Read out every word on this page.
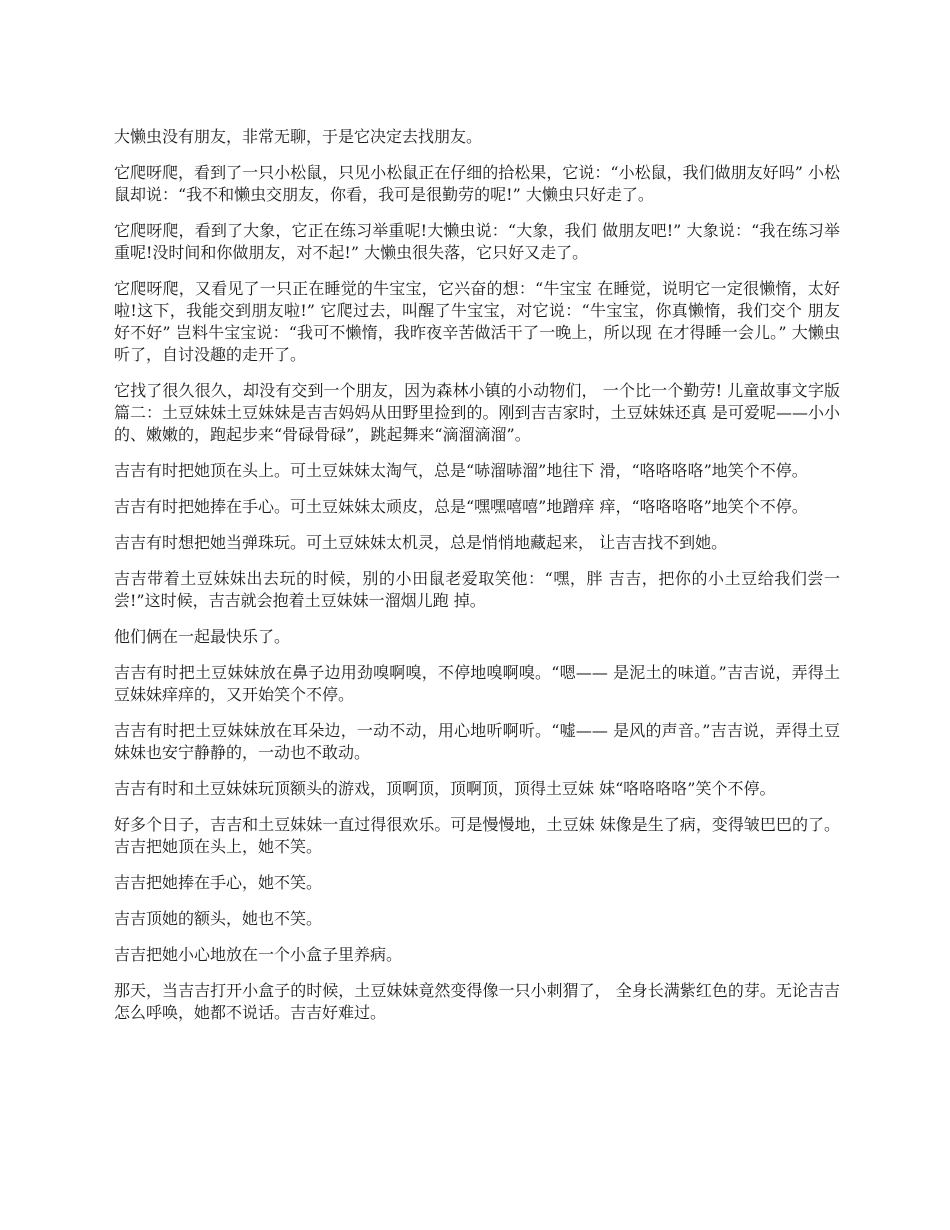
大懒虫没有朋友，非常无聊，于是它决定去找朋友。

它爬呀爬，看到了一只小松鼠，只见小松鼠正在仔细的拾松果，它说：“小松鼠，我们做朋友好吗” 小松鼠却说：“我不和懒虫交朋友，你看，我可是很勤劳的呢!” 大懒虫只好走了。

它爬呀爬，看到了大象，它正在练习举重呢!大懒虫说：“大象，我们 做朋友吧!” 大象说：“我在练习举重呢!没时间和你做朋友，对不起!” 大懒虫很失落，它只好又走了。

它爬呀爬，又看见了一只正在睡觉的牛宝宝，它兴奋的想：“牛宝宝 在睡觉，说明它一定很懒惰，太好啦!这下，我能交到朋友啦!” 它爬过去，叫醒了牛宝宝，对它说：“牛宝宝，你真懒惰，我们交个 朋友好不好” 岂料牛宝宝说：“我可不懒惰，我昨夜辛苦做活干了一晚上，所以现 在才得睡一会儿。” 大懒虫听了，自讨没趣的走开了。

它找了很久很久，却没有交到一个朋友，因为森林小镇的小动物们， 一个比一个勤劳! 儿童故事文字版篇二：土豆妹妹土豆妹妹是吉吉妈妈从田野里捡到的。刚到吉吉家时，土豆妹妹还真 是可爱呢——小小的、嫩嫩的，跑起步来“骨碌骨碌”，跳起舞来“滴溜滴溜”。

吉吉有时把她顶在头上。可土豆妹妹太淘气，总是“哧溜哧溜”地往下 滑，“咯咯咯咯”地笑个不停。

吉吉有时把她捧在手心。可土豆妹妹太顽皮，总是“嘿嘿嘻嘻”地蹭痒 痒，“咯咯咯咯”地笑个不停。

吉吉有时想把她当弹珠玩。可土豆妹妹太机灵，总是悄悄地藏起来， 让吉吉找不到她。

吉吉带着土豆妹妹出去玩的时候，别的小田鼠老爱取笑他：“嘿，胖 吉吉，把你的小土豆给我们尝一尝!”这时候，吉吉就会抱着土豆妹妹一溜烟儿跑 掉。

他们俩在一起最快乐了。

吉吉有时把土豆妹妹放在鼻子边用劲嗅啊嗅，不停地嗅啊嗅。“嗯—— 是泥土的味道。”吉吉说，弄得土豆妹妹痒痒的，又开始笑个不停。

吉吉有时把土豆妹妹放在耳朵边，一动不动，用心地听啊听。“嘘—— 是风的声音。”吉吉说，弄得土豆妹妹也安宁静静的，一动也不敢动。

吉吉有时和土豆妹妹玩顶额头的游戏，顶啊顶，顶啊顶，顶得土豆妹 妹“咯咯咯咯”笑个不停。

好多个日子，吉吉和土豆妹妹一直过得很欢乐。可是慢慢地，土豆妹 妹像是生了病，变得皱巴巴的了。吉吉把她顶在头上，她不笑。

吉吉把她捧在手心，她不笑。

吉吉顶她的额头，她也不笑。

吉吉把她小心地放在一个小盒子里养病。

那天，当吉吉打开小盒子的时候，土豆妹妹竟然变得像一只小刺猬了， 全身长满紫红色的芽。无论吉吉怎么呼唤，她都不说话。吉吉好难过。
